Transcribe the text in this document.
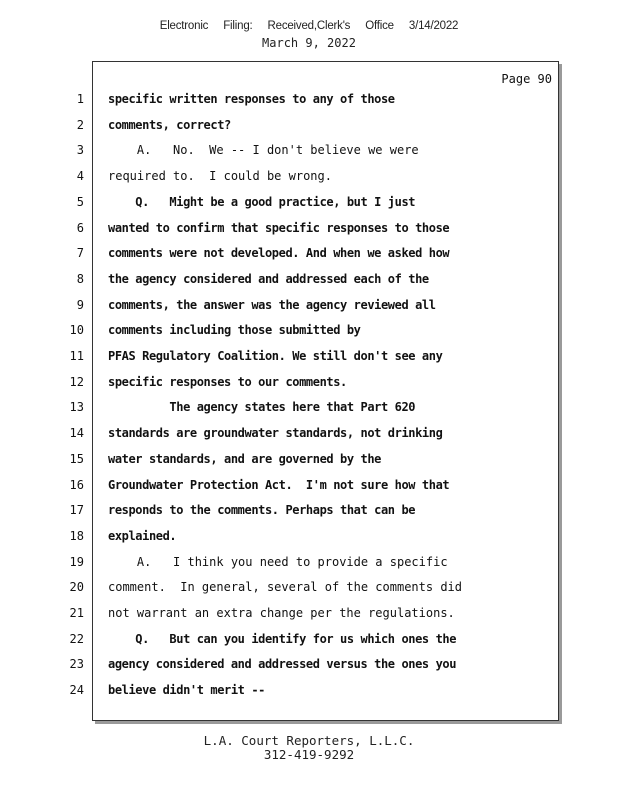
Electronic Filing: Received,Clerk's Office 3/14/2022
March 9, 2022
Page 90
1 specific written responses to any of those
2 comments, correct?
3 A.   No.  We -- I don't believe we were
4 required to.  I could be wrong.
5 Q.   Might be a good practice, but I just
6 wanted to confirm that specific responses to those
7 comments were not developed. And when we asked how
8 the agency considered and addressed each of the
9 comments, the answer was the agency reviewed all
10 comments including those submitted by
11 PFAS Regulatory Coalition. We still don't see any
12 specific responses to our comments.
13 The agency states here that Part 620
14 standards are groundwater standards, not drinking
15 water standards, and are governed by the
16 Groundwater Protection Act.  I'm not sure how that
17 responds to the comments. Perhaps that can be
18 explained.
19 A.   I think you need to provide a specific
20 comment.  In general, several of the comments did
21 not warrant an extra change per the regulations.
22 Q.   But can you identify for us which ones the
23 agency considered and addressed versus the ones you
24 believe didn't merit --
L.A. Court Reporters, L.L.C.
312-419-9292
